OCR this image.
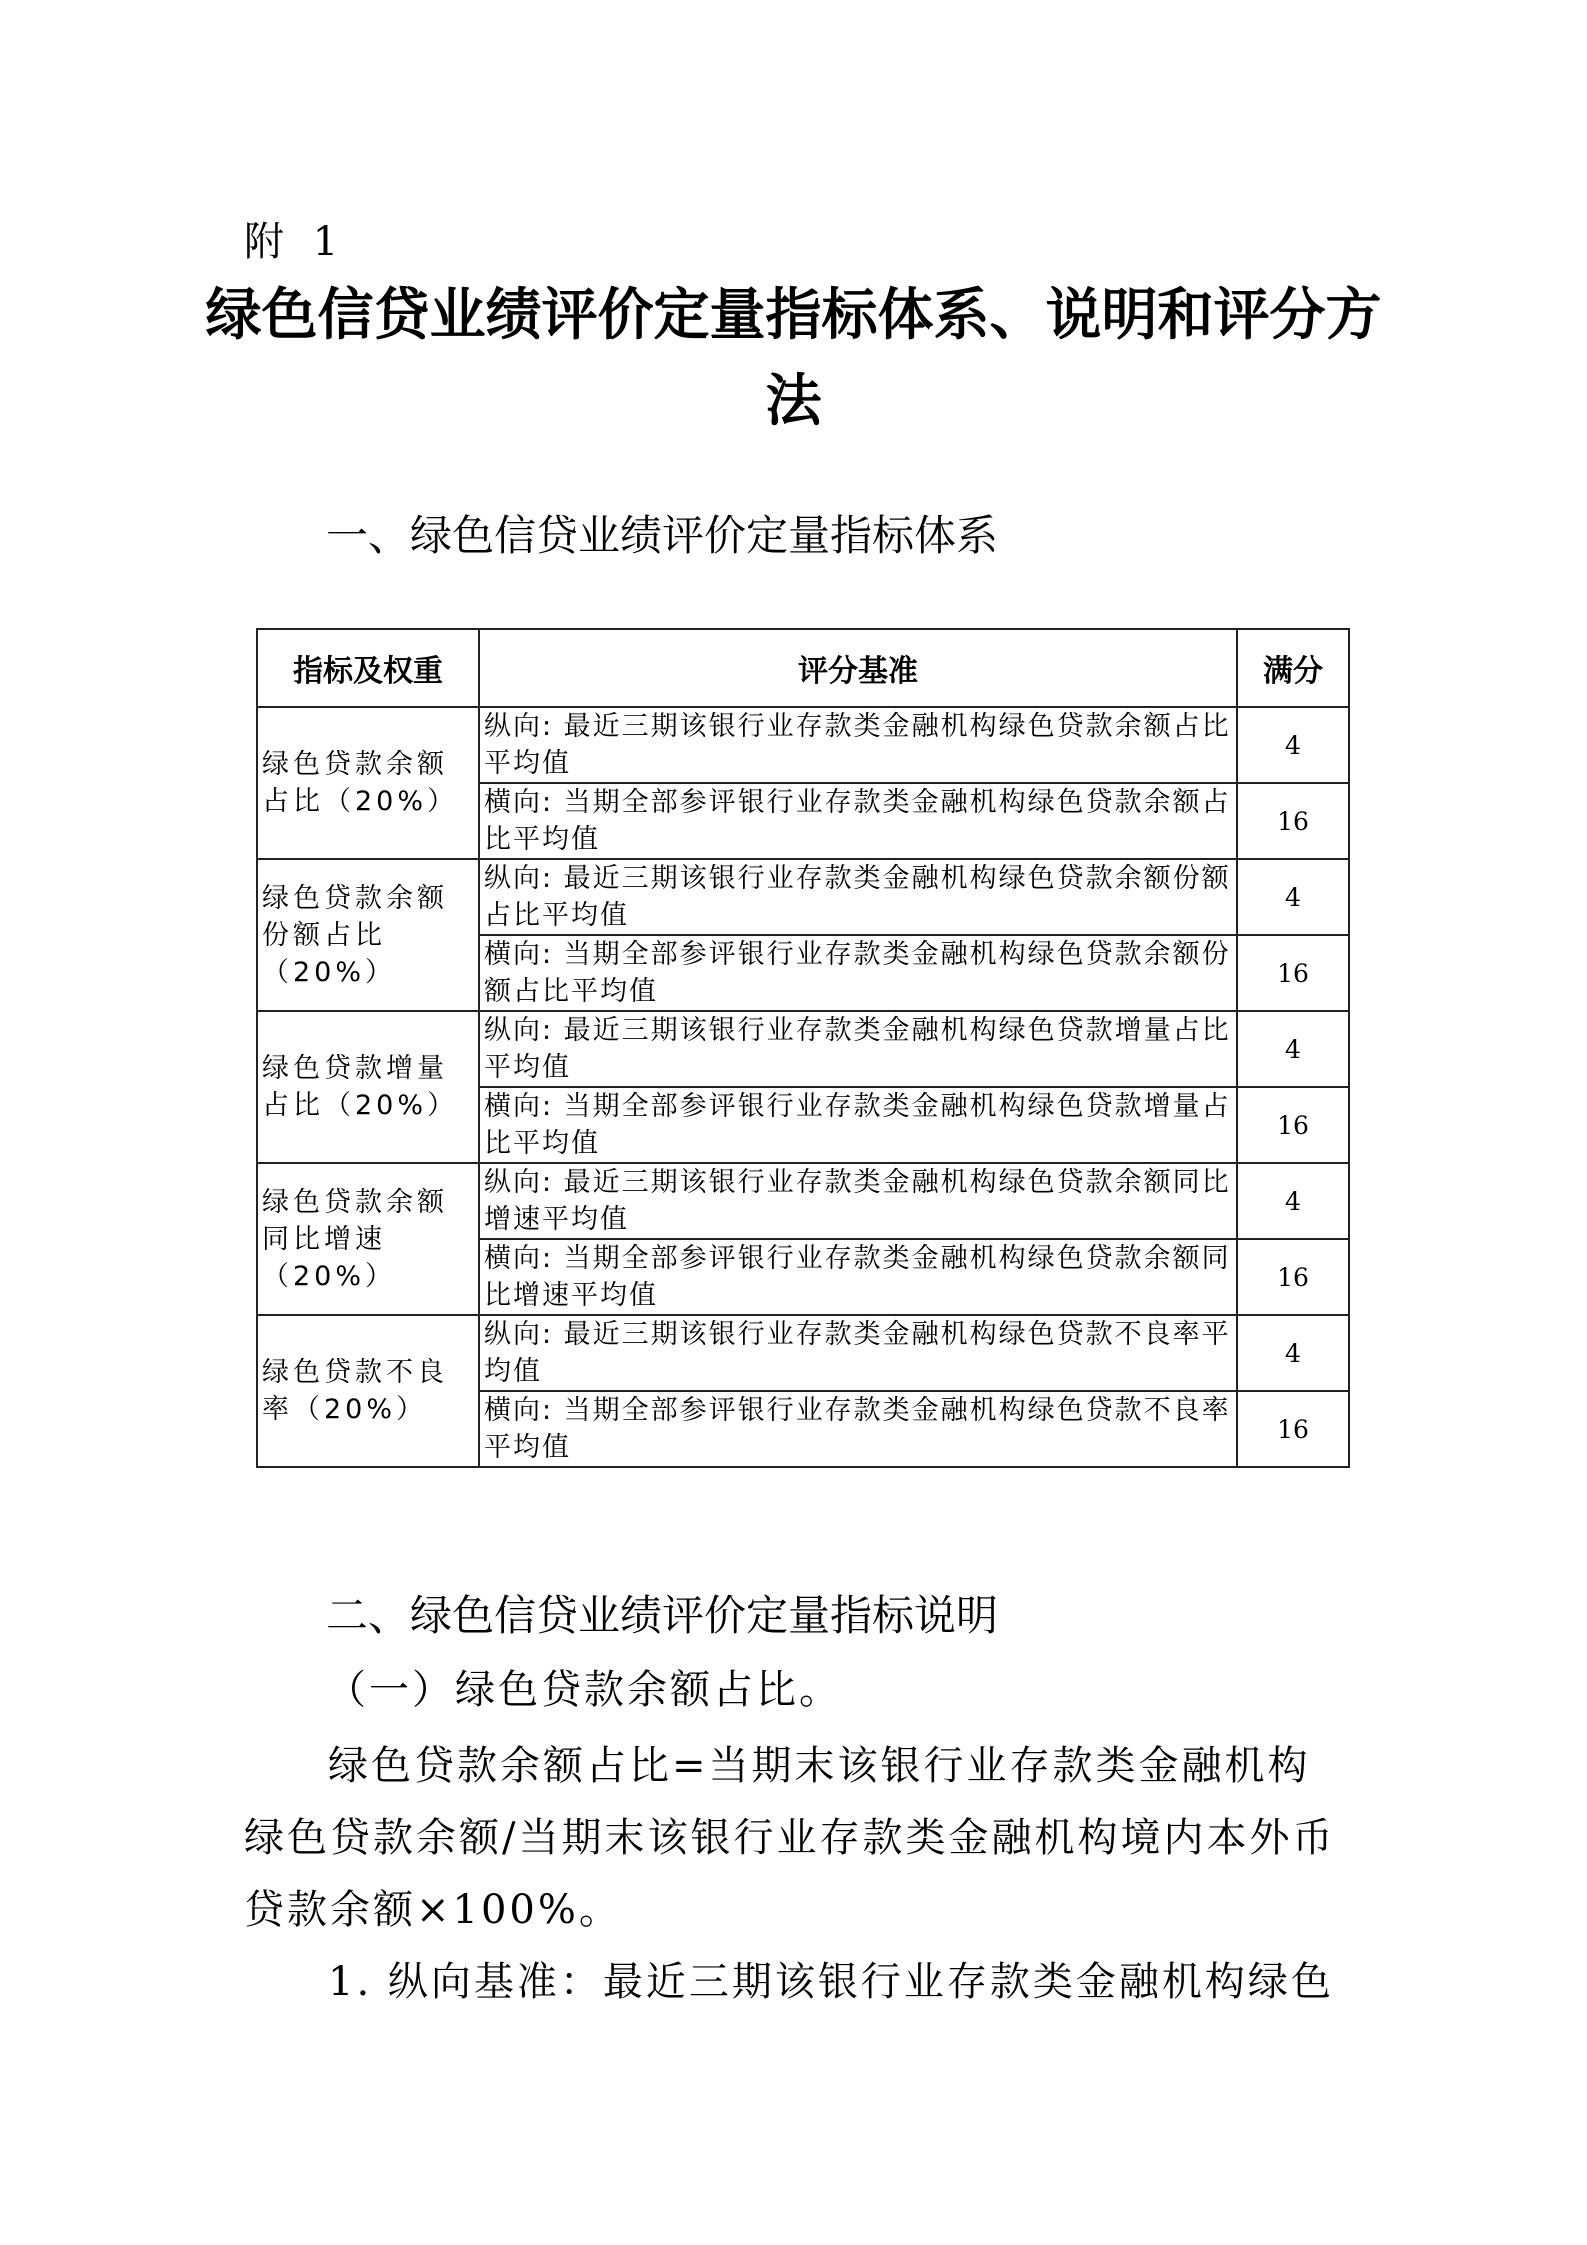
附 1
绿色信贷业绩评价定量指标体系、说明和评分方法
一、绿色信贷业绩评价定量指标体系
指标及权重	评分基准	满分
绿色贷款余额占比（20%）	纵向: 最近三期该银行业存款类金融机构绿色贷款余额占比平均值	4
	横向: 当期全部参评银行业存款类金融机构绿色贷款余额占比平均值	16
绿色贷款余额份额占比（20%）	纵向: 最近三期该银行业存款类金融机构绿色贷款余额份额占比平均值	4
	横向: 当期全部参评银行业存款类金融机构绿色贷款余额份额占比平均值	16
绿色贷款增量占比（20%）	纵向: 最近三期该银行业存款类金融机构绿色贷款增量占比平均值	4
	横向: 当期全部参评银行业存款类金融机构绿色贷款增量占比平均值	16
绿色贷款余额同比增速（20%）	纵向: 最近三期该银行业存款类金融机构绿色贷款余额同比增速平均值	4
	横向: 当期全部参评银行业存款类金融机构绿色贷款余额同比增速平均值	16
绿色贷款不良率（20%）	纵向: 最近三期该银行业存款类金融机构绿色贷款不良率平均值	4
	横向: 当期全部参评银行业存款类金融机构绿色贷款不良率平均值	16
二、绿色信贷业绩评价定量指标说明
（一）绿色贷款余额占比。
绿色贷款余额占比=当期末该银行业存款类金融机构绿色贷款余额/当期末该银行业存款类金融机构境内本外币贷款余额×100%。
1. 纵向基准：最近三期该银行业存款类金融机构绿色
